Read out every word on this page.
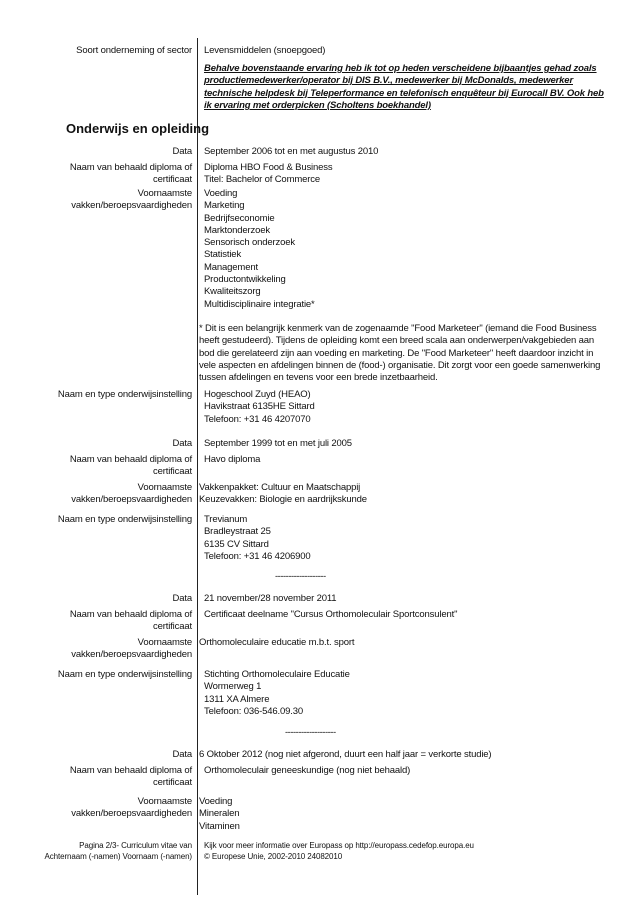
Soort onderneming of sector Levensmiddelen (snoepgoed)
Behalve bovenstaande ervaring heb ik tot op heden verscheidene bijbaantjes gehad zoals productiemedewerker/operator bij DIS B.V., medewerker bij McDonalds, medewerker technische helpdesk bij Teleperformance en telefonisch enquêteur bij Eurocall BV. Ook heb ik ervaring met orderpicken (Scholtens boekhandel)
Onderwijs en opleiding
Data September 2006 tot en met augustus 2010
Naam van behaald diploma of
certificaat
Diploma HBO Food & Business
Titel: Bachelor of Commerce
Voornaamste
vakken/beroepsvaardigheden
Voeding
Marketing
Bedrijfseconomie
Marktonderzoek
Sensorisch onderzoek
Statistiek
Management
Productontwikkeling
Kwaliteitszorg
Multidisciplinaire integratie*
* Dit is een belangrijk kenmerk van de zogenaamde "Food Marketeer" (iemand die Food Business heeft gestudeerd). Tijdens de opleiding komt een breed scala aan onderwerpen/vakgebieden aan bod die gerelateerd zijn aan voeding en marketing. De "Food Marketeer" heeft daardoor inzicht in vele aspecten en afdelingen binnen de (food-) organisatie. Dit zorgt voor een goede samenwerking tussen afdelingen en tevens voor een brede inzetbaarheid.
Naam en type onderwijsinstelling Hogeschool Zuyd (HEAO)
Havikstraat 6135HE Sittard
Telefoon: +31 46 4207070
Data September 1999 tot en met juli 2005
Naam van behaald diploma of
certificaat
Havo diploma
Voornaamste
vakken/beroepsvaardigheden
Vakkenpakket: Cultuur en Maatschappij
Keuzevakken: Biologie en aardrijkskunde
Naam en type onderwijsinstelling Trevianum
Bradleystraat 25
6135 CV Sittard
Telefoon: +31 46 4206900
-------------------
Data 21 november/28 november 2011
Naam van behaald diploma of
certificaat
Certificaat deelname "Cursus Orthomoleculair Sportconsulent"
Voornaamste
vakken/beroepsvaardigheden
Orthomoleculaire educatie m.b.t. sport
Naam en type onderwijsinstelling Stichting Orthomoleculaire Educatie
Wormerweg 1
1311 XA Almere
Telefoon: 036-546.09.30
-------------------
Data 6 Oktober 2012 (nog niet afgerond, duurt een half jaar = verkorte studie)
Naam van behaald diploma of
certificaat
Orthomoleculair geneeskundige (nog niet behaald)
Voornaamste
vakken/beroepsvaardigheden
Voeding
Mineralen
Vitaminen
Pagina 2/3- Curriculum vitae van
Achternaam (-namen) Voornaam (-namen)
Kijk voor meer informatie over Europass op http://europass.cedefop.europa.eu
© Europese Unie, 2002-2010 24082010
